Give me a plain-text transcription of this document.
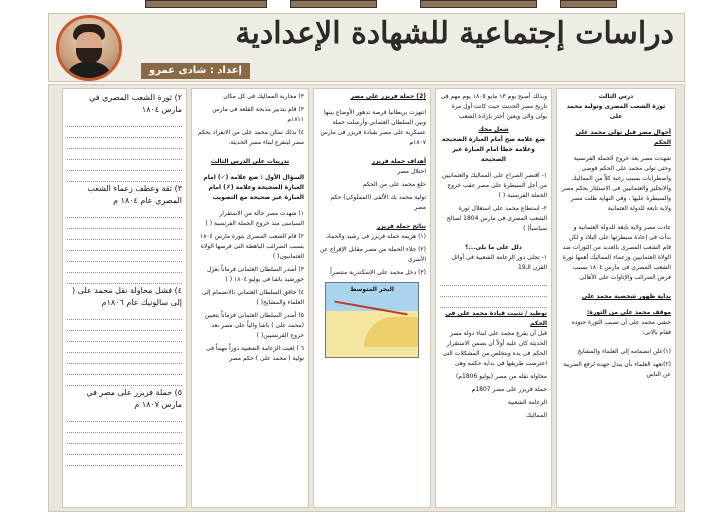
دراسات إجتماعية للشهادة الإعدادية
إعداد : شادى عمرو
درس الثالث
ثورة الشعب المصرى وتولية محمد على
أحوال مصر قبل تولى محمد على الحكم
شهدت مصر بعد خروج الحملة الفرنسية وحتى تولى محمد على الحكم فوضى واضطرابات بسبب رغبة كلاً من المماليك والانجليز والعثمانيين فى الاستئثار بحكم مصر والسيطرة عليها ، وفى النهاية ظلت مصر ولاية تابعة للدولة العثمانية
عادت مصر ولاية تابعة للدولة العثمانية و بدأت فى إعادة سيطرتها على البلاد و لكن قام الشعب المصرى بالعديد من الثورات ضد الولاة العثمانيين وزعماء المماليك أهمها ثورة الشعب المصرى فى مارس ١٨٠٤ بسبب فرض الضرائب والإتاوات على الأهالى
بداية ظهور شخصية محمد على
موقف محمد على من الثورة:
خشى محمد على أن تصيب الثورة جنوده فقام بالاتى:
(١)علن انضمامه إلى العلماء والمشايخ
(٢)تعهد العلماء بأن يبذل جهده لرفع الضريبة عن الناس
وبذلك أصبح يوم ١٣ مايو ١٨٠٥ يوم مهم فى تاريخ مصر الحديث حيث كانت أول مرة يولى والى ويعين أختر بإرادة الشعب
شغل مخك
ضع علامة صح أمام العبارة الصحيحة وعلامة خطأ امام العبارة غير الصحيحة
١- اقتصر الصراع على المماليك والعثمانيين من أجل السيطرة على مصر عقب خروج الحملة الفرنسية ( )
٢- استطاع محمد على استغلال ثورة الشعب المصرى فى مارس 1804 لصالح سياسيأ( )
دلل على ما يلى...؟
١- تجلى دور الزعامة الشعبية فى أوائل القرن الـ19
توطيد / تثبيت قيادة محمد على فى الحكم
قبل أن يفرغ محمد على لبناء دولة مصر الحديثة كان عليه أولاً أن يضمن الاستقرار الحكم فى يده ويتخلص من المشكلات التى اعترضت طريقها فى بداية حكمه وهى
محاولة نقله من مصر (يوليو 1806م)
حملة فريزر على مصر 1807م
الزعامة الشعبية
المماليك
(2) حملة فريزر على مصر
انتهزت بريطانيا فرصة تدهور الأوضاع بينها وبين السلطان العثماني وأرسلت حملة عسكرية على مصر بقيادة فريزر فى مارس ١٨٠٧م
أهداف حملة فريزر
احتلال مصر
خلع محمد على من الحكم
تولية محمد بك الألفى (المملوكى) حكم مصر
نتائج حملة فريزر
(١) هزيمة حملة فريزر فى رشيد والحماد
(٢) جلاء الحملة من مصر مقابل الإفراج عن الأسرى
(٣) دخل محمد على الإسكندرية منتصراً
البحر المتوسط
٣) محاربة المماليك فى كل مكان
٣) قام بتدبير مذبحة القلعة فى مارس ١٨١١م
٤) بذلك تمكن محمد على من الانفراد بحكم مصر ليتفرغ لبناء مصر الحديثة.
تدريبات على الدرس الثالث
السؤال الأول : ضع علامة (✓) امام العبارة الصحيحة وعلامة (✗) امام العبارة غير صحيحة مع التصويب
١) شهدت مصر حالة من الاستقرار السياسى منذ خروج الحملة الفرنسية ( )
٢) قام الشعب المصرى بثورة مارس ١٨٠٤ بسبب الضرائب الباهظة التى فرضها الولاة العثمانيون( )
٣) أصدر السلطان العثمانى فرماناً بعزل خورشيد باشا فى يوليو ١٨٠٤ ( )
٤) حاقق السلطان العثماني بالانضمام إلى العلماء والمشايخ( )
٥) أصدر السلطان العثمانى فرماناً بتعيين (محمد على ) باشا والياً على مصر بعد خروج الفرنسيين( )
٦ ) لعبت الزعامة الشعبية دوراً مهماً فى تولية ( محمد على ) حكم مصر
٢) ثورة الشعب المصري في مارس ١٨٠٤
٣) ثقة وعطف زعماء الشعب المصري عام ١٨٠٤ م
٤) فشل محاولة نقل محمد على ( إلى سالونيك عام ١٨٠٦م
٥) حملة فريزر على مصر في مارس ١٨٠٧ م
